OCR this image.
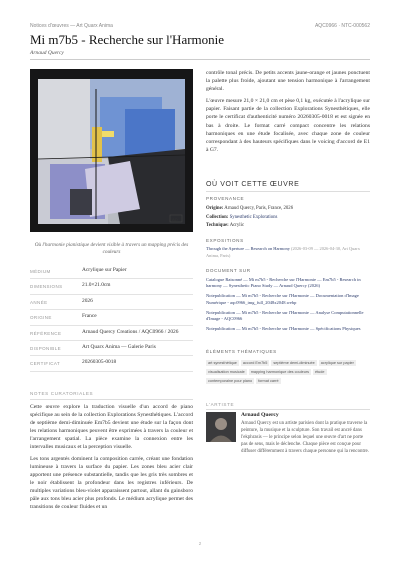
Notices d'œuvres — Art Quarx Anima	AQC0966 · NTC-000562
Mi m7b5 - Recherche sur l'Harmonie
Arnaud Quercy
AQ
Où l'harmonie pianistique devient visible à travers un mapping précis des couleurs
MÉDIUM	Acrylique sur Papier
DIMENSIONS	21.0×21.0cm
ANNÉE	2026
ORIGINE	France
RÉFÉRENCE	Arnaud Quercy Creations / AQC0966 / 2026
DISPONIBLE	Art Quarx Anima — Galerie Paris
CERTIFICAT	20260305-0018
NOTES CURATORIALES

Cette œuvre explore la traduction visuelle d'un accord de piano spécifique au sein de la collection Explorations Synesthétiques. L'accord de septième demi-diminuée Em7b5 devient une étude sur la façon dont les relations harmoniques peuvent être exprimées à travers la couleur et l'arrangement spatial. La pièce examine la connexion entre les intervalles musicaux et la perception visuelle.

Les tons argentés dominent la composition carrée, créant une fondation lumineuse à travers la surface du papier. Les zones bleu acier clair apportent une présence substantielle, tandis que les gris très sombres et le noir établissent la profondeur dans les registres inférieurs. De multiples variations bleu-violet apparaissent partout, allant du gainsboro pâle aux tons bleu acier plus profonds. Le médium acrylique permet des transitions de couleur fluides et un

contrôle tonal précis. De petits accents jaune-orange et jaunes ponctuent la palette plus froide, ajoutant une tension harmonique à l'arrangement général.

L'œuvre mesure 21,0 × 21,0 cm et pèse 0,1 kg, exécutée à l'acrylique sur papier. Faisant partie de la collection Explorations Synesthétiques, elle porte le certificat d'authenticité numéro 20260305-0018 et est signée en bas à droite. Le format carré compact concentre les relations harmoniques en une étude focalisée, avec chaque zone de couleur correspondant à des hauteurs spécifiques dans le voicing d'accord de E1 à G7.

OÙ VOIT CETTE ŒUVRE
PROVENANCE
Origine: Arnaud Quercy, Paris, France, 2026
Collection: Synesthetic Explorations
Technique: Acrylic
EXPOSITIONS
Through the Aperture — Research on Harmony (2026-03-09 — 2026-04-30, Art Quarx Anima, Paris)
DOCUMENT SUR
Catalogue Raisonné — Mi m7b5 - Recherche sur l'Harmonie — Em7b5 - Research in harmony — Synesthetic Piano Study — Arnaud Quercy (2026)
Notepublication — Mi m7b5 - Recherche sur l'Harmonie — Documentation d'Image Numérique - aqc0966_img_full_2048x2048.webp
Notepublication — Mi m7b5 - Recherche sur l'Harmonie — Analyse Computationnelle d'Image - AQC0966
Notepublication — Mi m7b5 - Recherche sur l'Harmonie — Spécifications Physiques
ÉLÉMENTS THÉMATIQUES
art synesthétique accord Em7b5 septième demi-diminuée acrylique sur papiervisualisation musicale mapping harmonique des couleurs étudecontemporaine pour piano format carré
L'ARTISTE
Arnaud Quercy
Arnaud Quercy est un artiste parisien dont la pratique traverse la peinture, la musique et la sculpture. Son travail est ancré dans l'ekphrasis — le principe selon lequel une œuvre d'art ne porte pas de sens, mais le déclenche. Chaque pièce est conçue pour diffuser différemment à travers chaque personne qui la rencontre.
2
